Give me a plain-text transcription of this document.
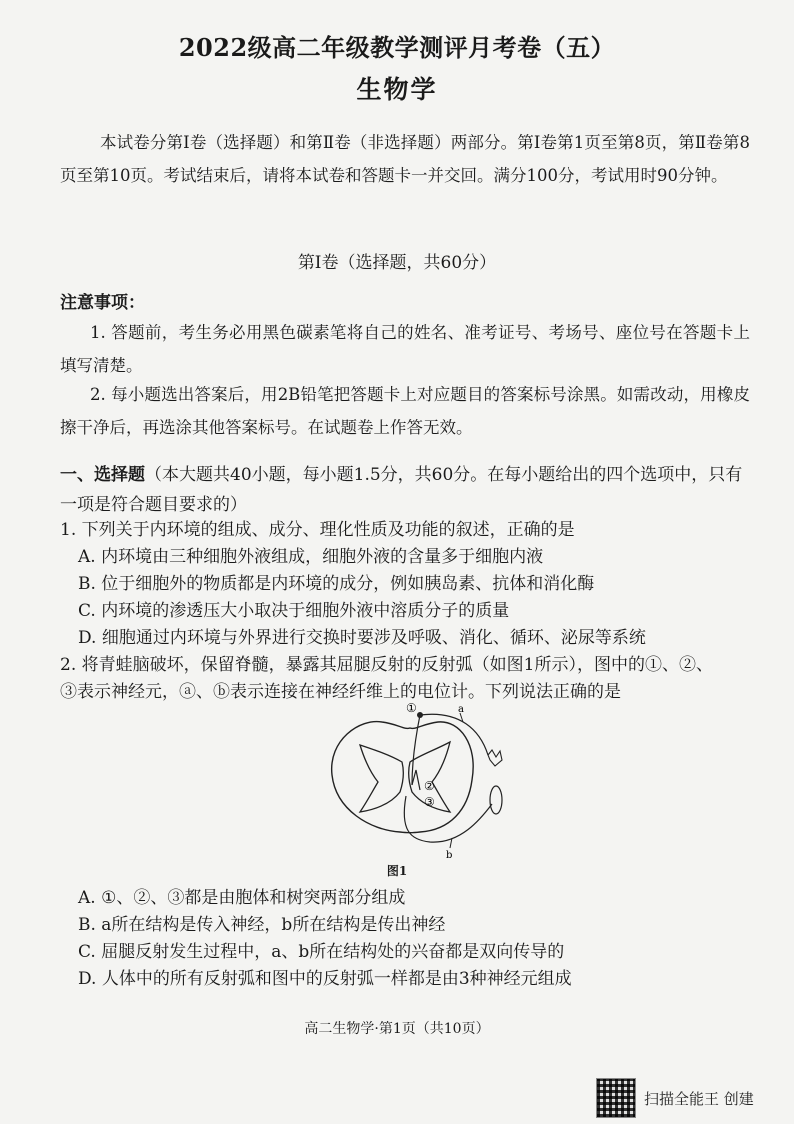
2022级高二年级教学测评月考卷（五）
生物学
本试卷分第Ⅰ卷（选择题）和第Ⅱ卷（非选择题）两部分。第Ⅰ卷第1页至第8页，第Ⅱ卷第8页至第10页。考试结束后，请将本试卷和答题卡一并交回。满分100分，考试用时90分钟。
第Ⅰ卷（选择题，共60分）
注意事项：
1. 答题前，考生务必用黑色碳素笔将自己的姓名、准考证号、考场号、座位号在答题卡上填写清楚。
2. 每小题选出答案后，用2B铅笔把答题卡上对应题目的答案标号涂黑。如需改动，用橡皮擦干净后，再选涂其他答案标号。在试题卷上作答无效。
一、选择题（本大题共40小题，每小题1.5分，共60分。在每小题给出的四个选项中，只有一项是符合题目要求的）
1. 下列关于内环境的组成、成分、理化性质及功能的叙述，正确的是
A. 内环境由三种细胞外液组成，细胞外液的含量多于细胞内液
B. 位于细胞外的物质都是内环境的成分，例如胰岛素、抗体和消化酶
C. 内环境的渗透压大小取决于细胞外液中溶质分子的质量
D. 细胞通过内环境与外界进行交换时要涉及呼吸、消化、循环、泌尿等系统
2. 将青蛙脑破坏，保留脊髓，暴露其屈腿反射的反射弧（如图1所示），图中的①、②、
③表示神经元，ⓐ、ⓑ表示连接在神经纤维上的电位计。下列说法正确的是
①
②
③
a
b
图1
A. ①、②、③都是由胞体和树突两部分组成
B. a所在结构是传入神经，b所在结构是传出神经
C. 屈腿反射发生过程中，a、b所在结构处的兴奋都是双向传导的
D. 人体中的所有反射弧和图中的反射弧一样都是由3种神经元组成
高二生物学·第1页（共10页）
扫描全能王 创建
